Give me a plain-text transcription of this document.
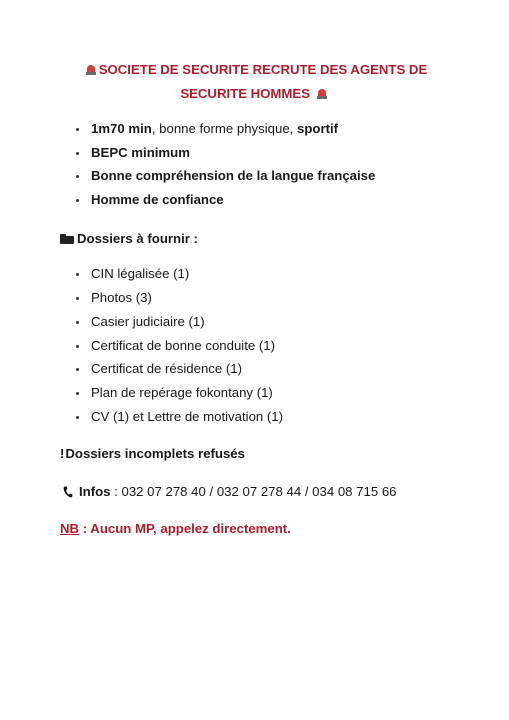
SOCIETE DE SECURITE RECRUTE DES AGENTS DE
SECURITE HOMMES
1m70 min, bonne forme physique, sportif
BEPC minimum
Bonne compréhension de la langue française
Homme de confiance
Dossiers à fournir :
CIN légalisée (1)
Photos (3)
Casier judiciaire (1)
Certificat de bonne conduite (1)
Certificat de résidence (1)
Plan de repérage fokontany (1)
CV (1) et Lettre de motivation (1)
!Dossiers incomplets refusés
Infos : 032 07 278 40 / 032 07 278 44 / 034 08 715 66
NB : Aucun MP, appelez directement.
